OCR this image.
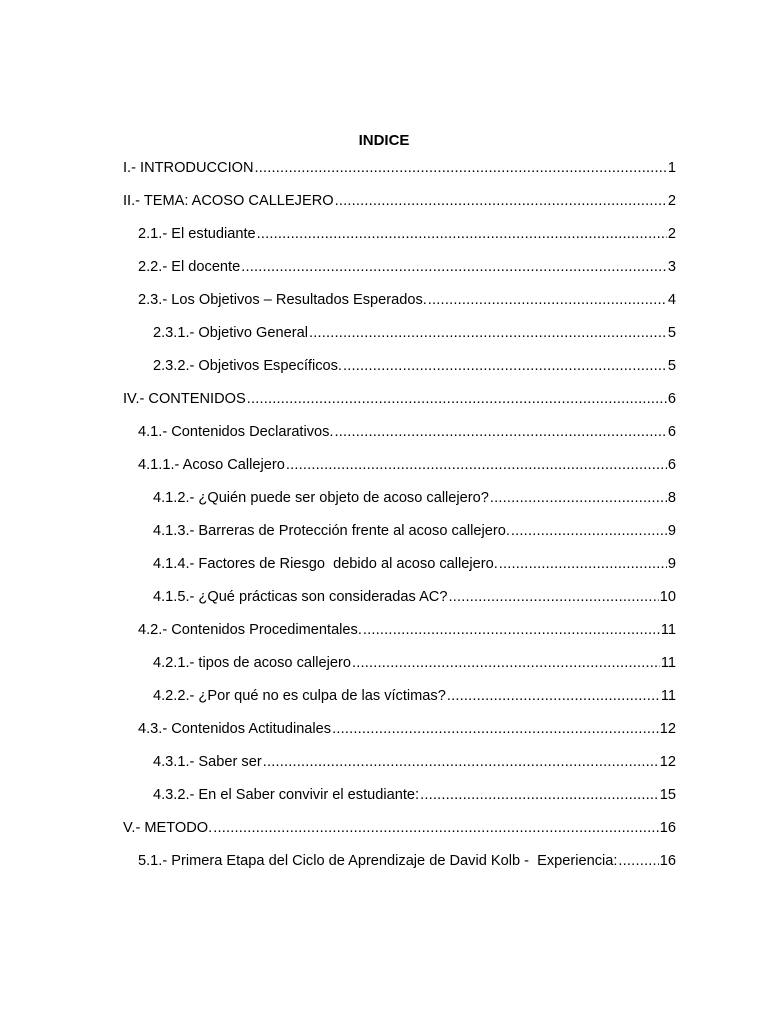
INDICE
I.- INTRODUCCION .....	1
II.- TEMA: ACOSO CALLEJERO .....	2
2.1.- El estudiante .....	2
2.2.- El docente .....	3
2.3.- Los Objetivos – Resultados Esperados. .....	4
2.3.1.- Objetivo General .....	5
2.3.2.- Objetivos Específicos. .....	5
IV.- CONTENIDOS .....	6
4.1.- Contenidos Declarativos. .....	6
4.1.1.- Acoso Callejero .....	6
4.1.2.- ¿Quién puede ser objeto de acoso callejero? .....	8
4.1.3.- Barreras de Protección frente al acoso callejero. .....	9
4.1.4.- Factores de Riesgo  debido al acoso callejero. .....	9
4.1.5.- ¿Qué prácticas son consideradas AC? .....	10
4.2.- Contenidos Procedimentales. .....	11
4.2.1.- tipos de acoso callejero .....	11
4.2.2.- ¿Por qué no es culpa de las víctimas? .....	11
4.3.- Contenidos Actitudinales .....	12
4.3.1.- Saber ser .....	12
4.3.2.- En el Saber convivir el estudiante: .....	15
V.- METODO. .....	16
5.1.- Primera Etapa del Ciclo de Aprendizaje de David Kolb -  Experiencia: .....	16
